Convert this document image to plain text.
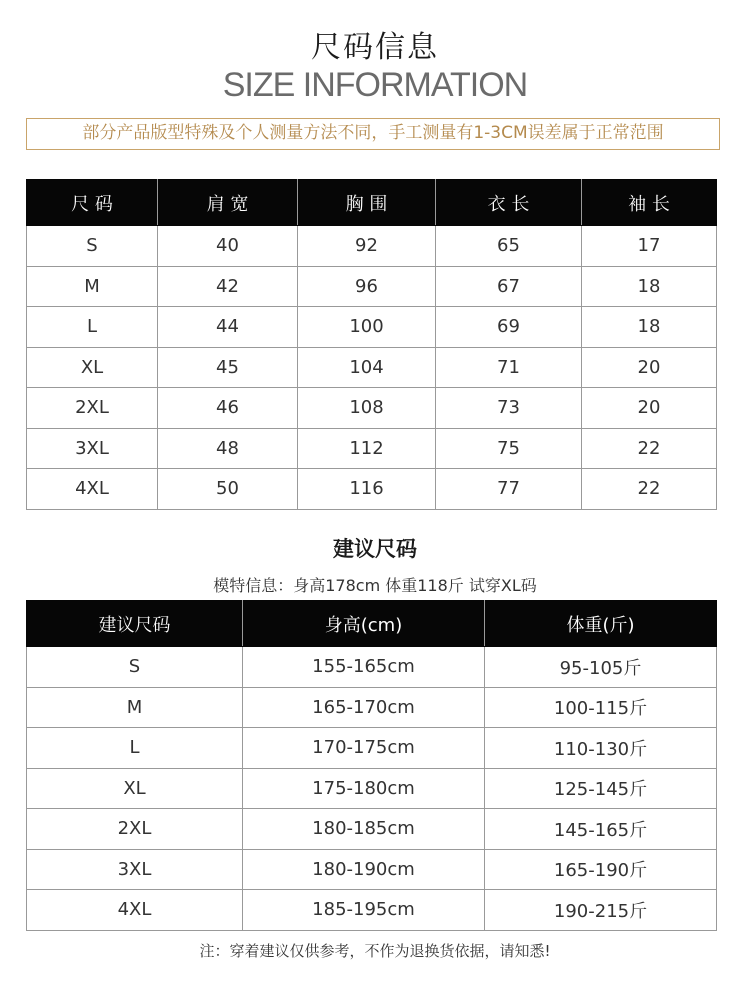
尺码信息
SIZE INFORMATION
部分产品版型特殊及个人测量方法不同，手工测量有1-3CM误差属于正常范围
尺 码	肩 宽	胸 围	衣 长	袖 长
S	40	92	65	17
M	42	96	67	18
L	44	100	69	18
XL	45	104	71	20
2XL	46	108	73	20
3XL	48	112	75	22
4XL	50	116	77	22
建议尺码
模特信息：身高178cm 体重118斤 试穿XL码
建议尺码	身高(cm)	体重(斤)
S	155-165cm	95-105斤
M	165-170cm	100-115斤
L	170-175cm	110-130斤
XL	175-180cm	125-145斤
2XL	180-185cm	145-165斤
3XL	180-190cm	165-190斤
4XL	185-195cm	190-215斤
注：穿着建议仅供参考，不作为退换货依据，请知悉!
